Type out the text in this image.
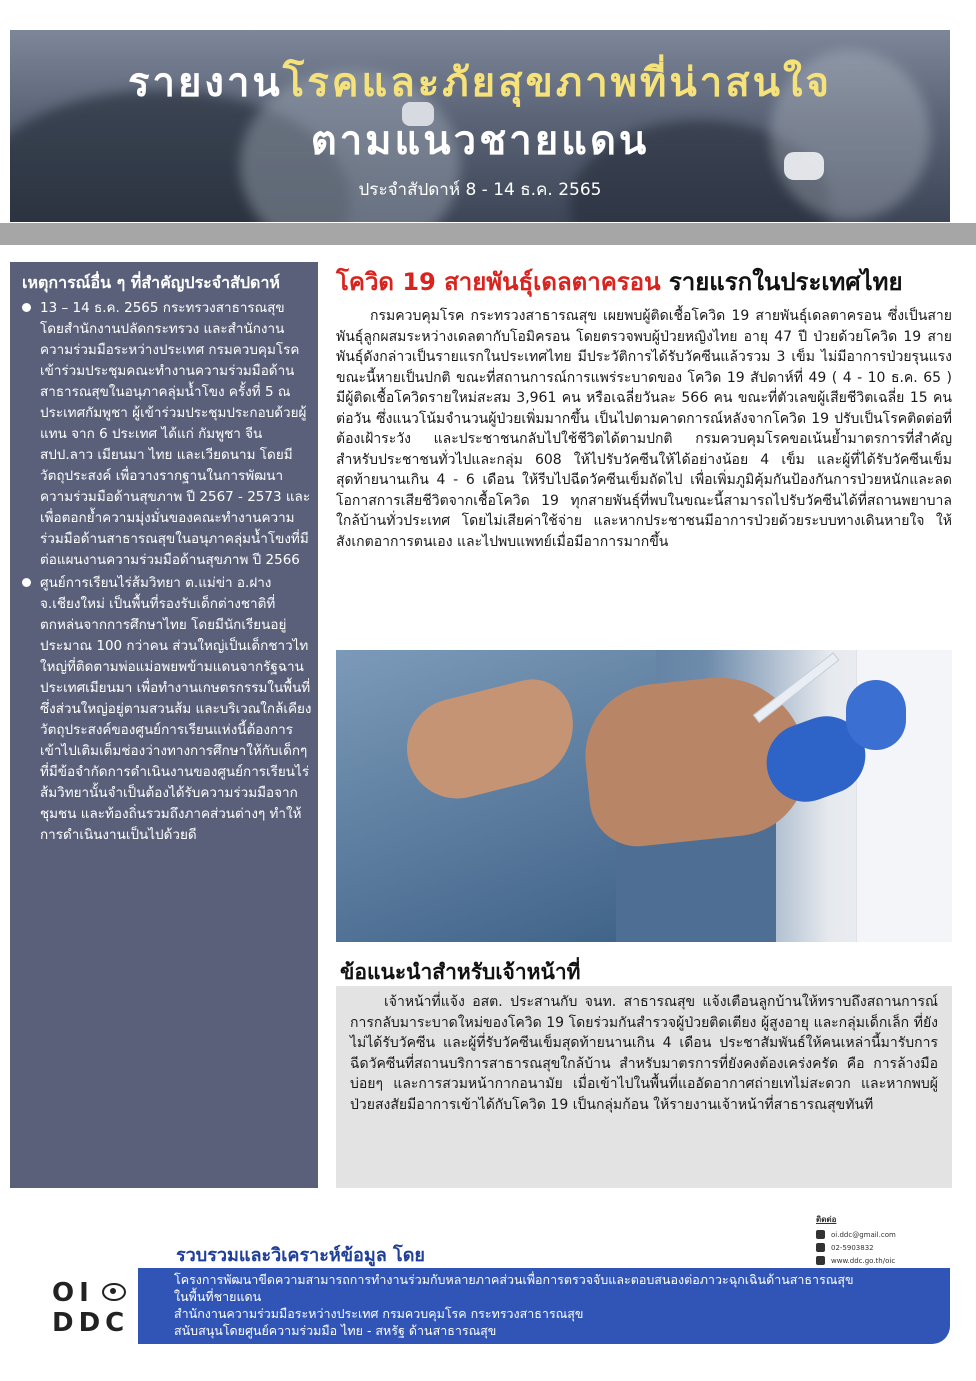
รายงานโรคและภัยสุขภาพที่น่าสนใจ
ตามแนวชายแดน
ประจำสัปดาห์ 8 - 14 ธ.ค. 2565
เหตุการณ์อื่น ๆ ที่สำคัญประจำสัปดาห์
13 – 14 ธ.ค. 2565 กระทรวงสาธารณสุข โดยสำนักงานปลัดกระทรวง และสำนักงานความร่วมมือระหว่างประเทศ กรมควบคุมโรค เข้าร่วมประชุมคณะทำงานความร่วมมือด้านสาธารณสุขในอนุภาคลุ่มน้ำโขง ครั้งที่ 5 ณ ประเทศกัมพูชา ผู้เข้าร่วมประชุมประกอบด้วยผู้แทน จาก 6 ประเทศ ได้แก่ กัมพูชา จีน สปป.ลาว เมียนมา ไทย และเวียดนาม โดยมีวัตถุประสงค์ เพื่อวางรากฐานในการพัฒนาความร่วมมือด้านสุขภาพ ปี 2567 - 2573 และเพื่อตอกย้ำความมุ่งมั่นของคณะทำงานความร่วมมือด้านสาธารณสุขในอนุภาคลุ่มน้ำโขงที่มีต่อแผนงานความร่วมมือด้านสุขภาพ ปี 2566
ศูนย์การเรียนไร่ส้มวิทยา ต.แม่ข่า อ.ฝาง จ.เชียงใหม่ เป็นพื้นที่รองรับเด็กต่างชาติที่ตกหล่นจากการศึกษาไทย โดยมีนักเรียนอยู่ประมาณ 100 กว่าคน ส่วนใหญ่เป็นเด็กชาวไทใหญ่ที่ติดตามพ่อแม่อพยพข้ามแดนจากรัฐฉาน ประเทศเมียนมา เพื่อทำงานเกษตรกรรมในพื้นที่ ซึ่งส่วนใหญ่อยู่ตามสวนส้ม และบริเวณใกล้เคียง วัตถุประสงค์ของศูนย์การเรียนแห่งนี้ต้องการเข้าไปเติมเต็มช่องว่างทางการศึกษาให้กับเด็กๆ ที่มีข้อจำกัดการดำเนินงานของศูนย์การเรียนไร่ส้มวิทยานั้นจำเป็นต้องได้รับความร่วมมือจากชุมชน และท้องถิ่นรวมถึงภาคส่วนต่างๆ ทำให้การดำเนินงานเป็นไปด้วยดี
โควิด 19 สายพันธุ์เดลตาครอน รายแรกในประเทศไทย

กรมควบคุมโรค กระทรวงสาธารณสุข เผยพบผู้ติดเชื้อโควิด 19 สายพันธุ์เดลตาครอน ซึ่งเป็นสายพันธุ์ลูกผสมระหว่างเดลตากับโอมิครอน โดยตรวจพบผู้ป่วยหญิงไทย อายุ 47 ปี ป่วยด้วยโควิด 19 สายพันธุ์ดังกล่าวเป็นรายแรกในประเทศไทย มีประวัติการได้รับวัคซีนแล้วรวม 3 เข็ม ไม่มีอาการป่วยรุนแรง ขณะนี้หายเป็นปกติ ขณะที่สถานการณ์การแพร่ระบาดของ โควิด 19 สัปดาห์ที่ 49 ( 4 - 10 ธ.ค. 65 ) มีผู้ติดเชื้อโควิดรายใหม่สะสม 3,961 คน หรือเฉลี่ยวันละ 566 คน ขณะที่ตัวเลขผู้เสียชีวิตเฉลี่ย 15 คนต่อวัน ซึ่งแนวโน้มจำนวนผู้ป่วยเพิ่มมากขึ้น เป็นไปตามคาดการณ์หลังจากโควิด 19 ปรับเป็นโรคติดต่อที่ต้องเฝ้าระวัง และประชาชนกลับไปใช้ชีวิตได้ตามปกติ กรมควบคุมโรคขอเน้นย้ำมาตรการที่สำคัญสำหรับประชาชนทั่วไปและกลุ่ม 608 ให้ไปรับวัคซีนให้ได้อย่างน้อย 4 เข็ม และผู้ที่ได้รับวัคซีนเข็มสุดท้ายนานเกิน 4 - 6 เดือน ให้รีบไปฉีดวัคซีนเข็มถัดไป เพื่อเพิ่มภูมิคุ้มกันป้องกันการป่วยหนักและลดโอกาสการเสียชีวิตจากเชื้อโควิด 19 ทุกสายพันธุ์ที่พบในขณะนี้สามารถไปรับวัคซีนได้ที่สถานพยาบาลใกล้บ้านทั่วประเทศ โดยไม่เสียค่าใช้จ่าย และหากประชาชนมีอาการป่วยด้วยระบบทางเดินหายใจ ให้สังเกตอาการตนเอง และไปพบแพทย์เมื่อมีอาการมากขึ้น

ข้อแนะนำสำหรับเจ้าหน้าที่

เจ้าหน้าที่แจ้ง อสต. ประสานกับ จนท. สาธารณสุข แจ้งเตือนลูกบ้านให้ทราบถึงสถานการณ์การกลับมาระบาดใหม่ของโควิด 19 โดยร่วมกันสำรวจผู้ป่วยติดเตียง ผู้สูงอายุ และกลุ่มเด็กเล็ก ที่ยังไม่ได้รับวัคซีน และผู้ที่รับวัคซีนเข็มสุดท้ายนานเกิน 4 เดือน ประชาสัมพันธ์ให้คนเหล่านี้มารับการฉีดวัคซีนที่สถานบริการสาธารณสุขใกล้บ้าน สำหรับมาตรการที่ยังคงต้องเคร่งครัด คือ การล้างมือบ่อยๆ และการสวมหน้ากากอนามัย เมื่อเข้าไปในพื้นที่แออัดอากาศถ่ายเทไม่สะดวก และหากพบผู้ป่วยสงสัยมีอาการเข้าได้กับโควิด 19 เป็นกลุ่มก้อน ให้รายงานเจ้าหน้าที่สาธารณสุขทันที

ติดต่อ
oi.ddc@gmail.com
02-5903832
www.ddc.go.th/oic
รวบรวมและวิเคราะห์ข้อมูล โดย
โครงการพัฒนาขีดความสามารถการทำงานร่วมกับหลายภาคส่วนเพื่อการตรวจจับและตอบสนองต่อภาวะฉุกเฉินด้านสาธารณสุข
ในพื้นที่ชายแดน
สำนักงานความร่วมมือระหว่างประเทศ กรมควบคุมโรค กระทรวงสาธารณสุข
สนับสนุนโดยศูนย์ความร่วมมือ ไทย - สหรัฐ ด้านสาธารณสุข
OI
DDC
